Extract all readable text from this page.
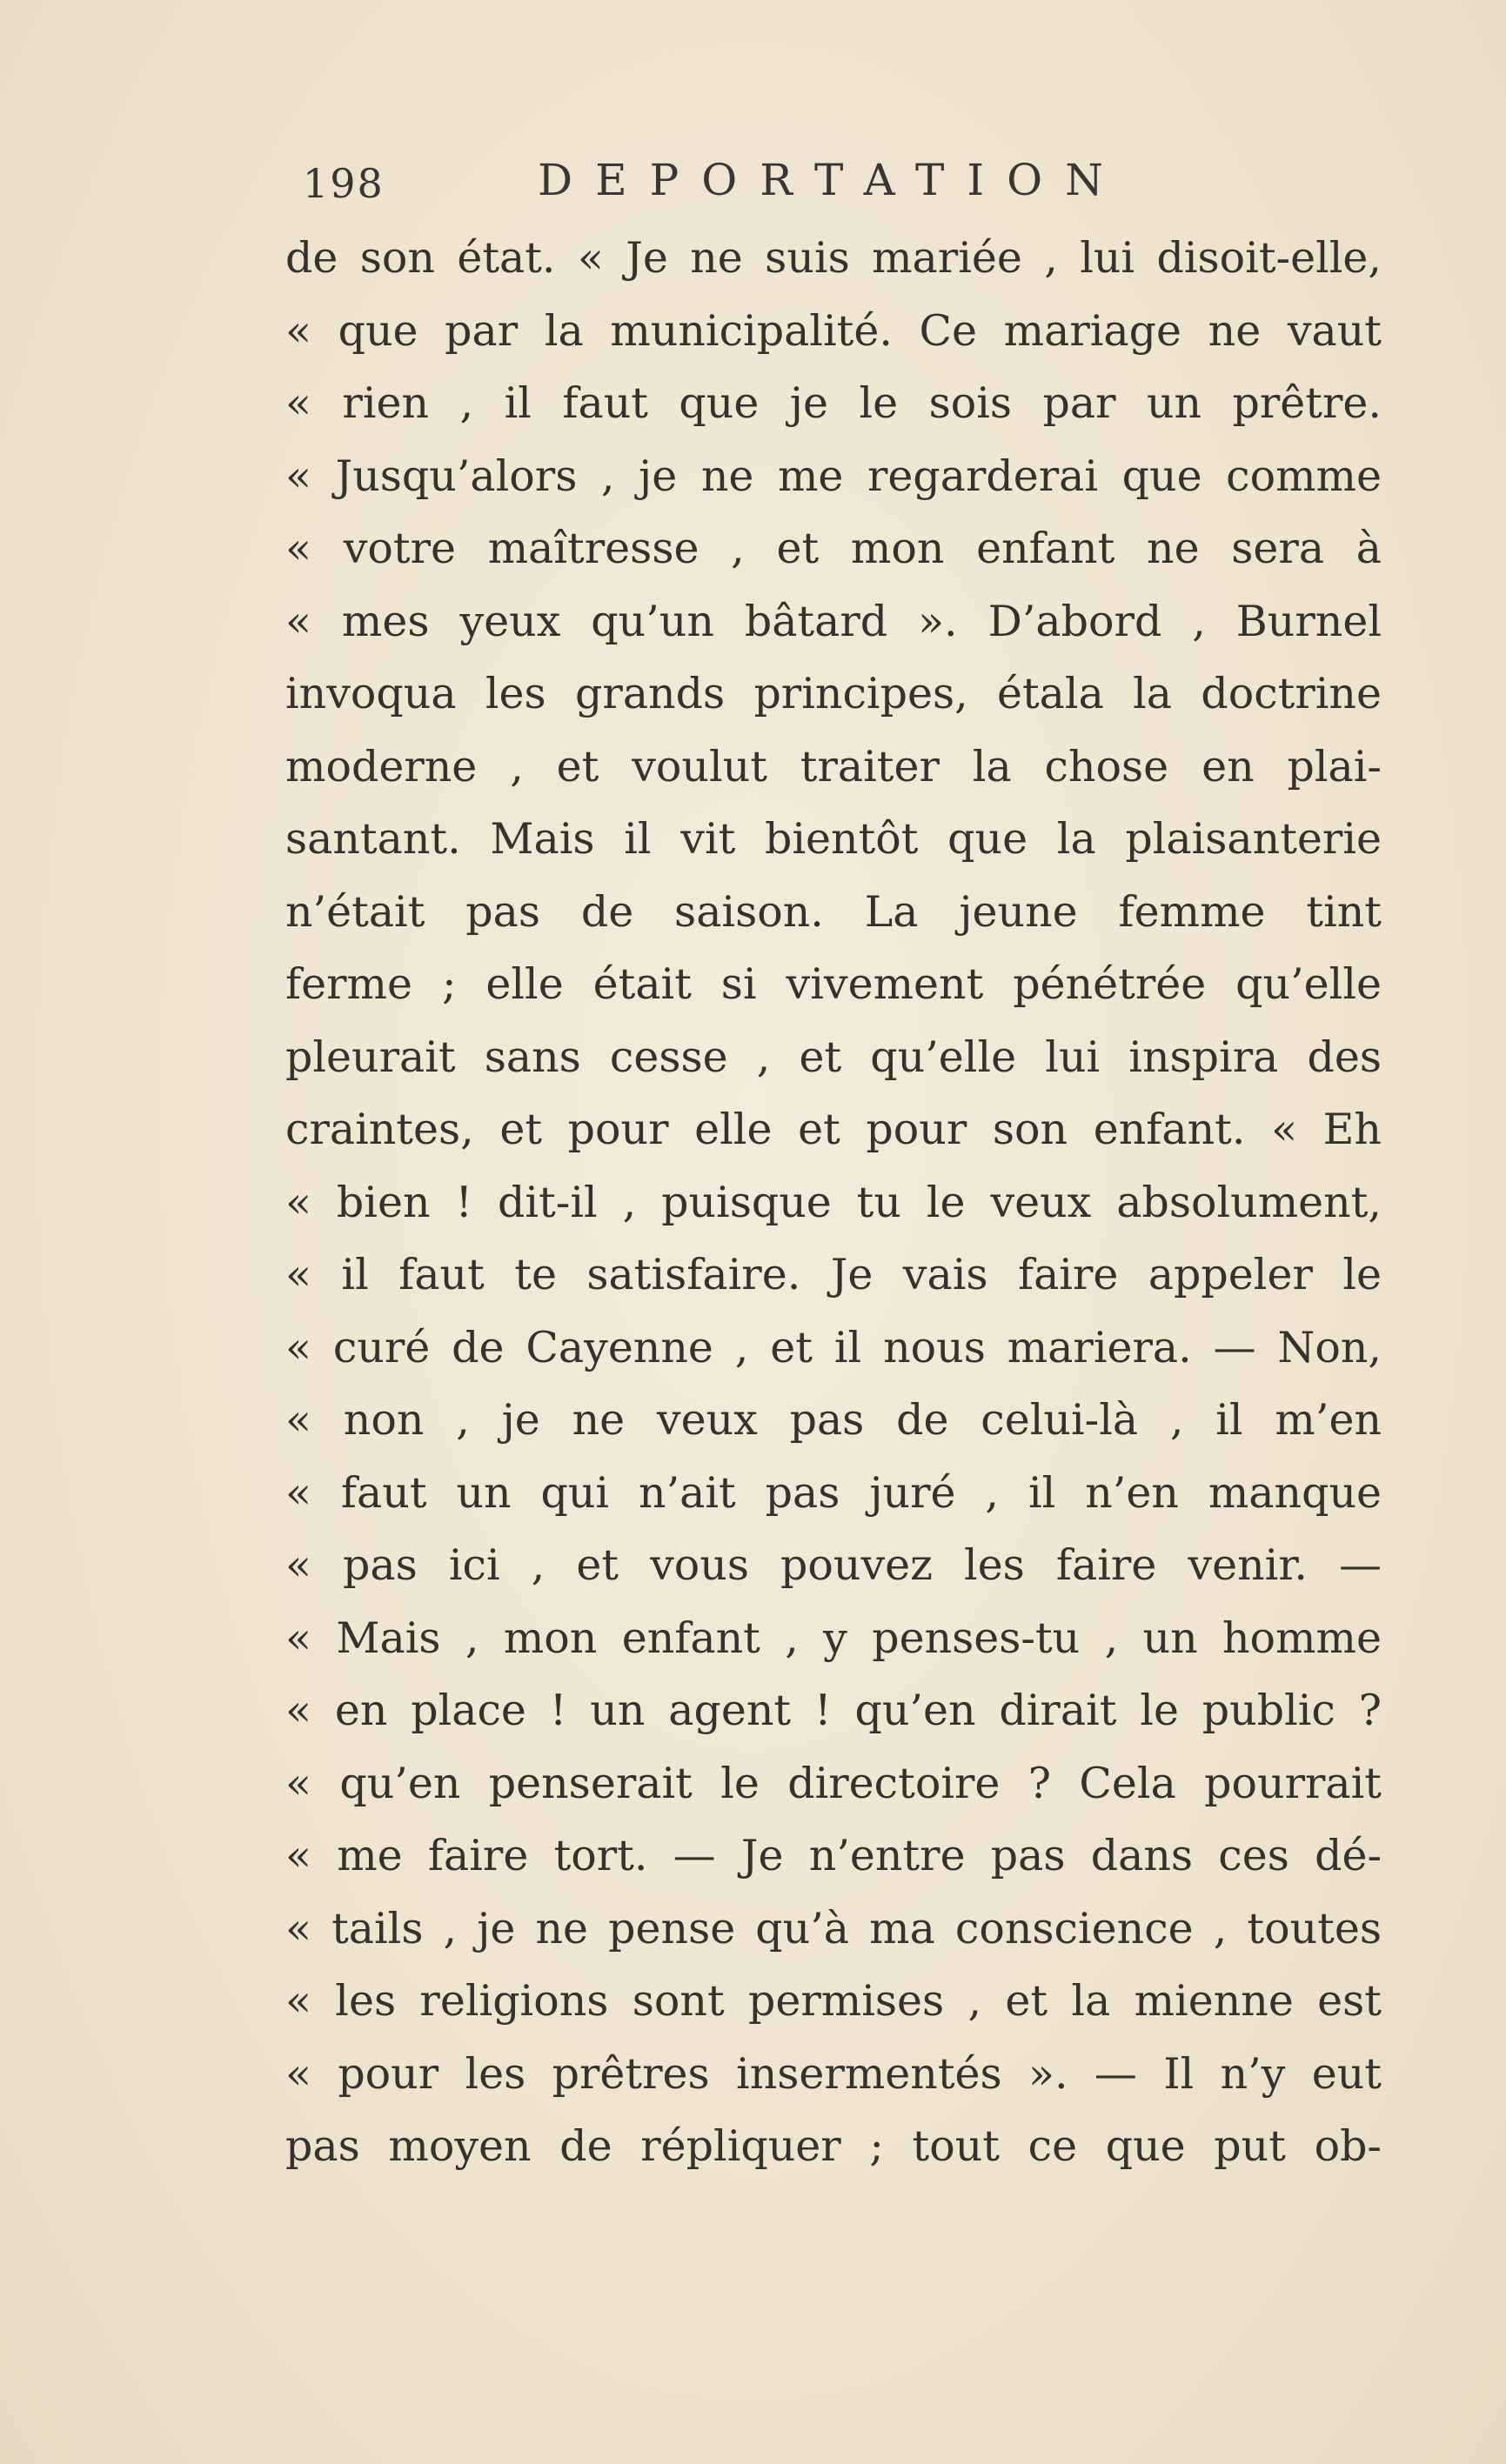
198	DEPORTATION
de son état. « Je ne suis mariée , lui disoit-elle,
« que par la municipalité. Ce mariage ne vaut
« rien , il faut que je le sois par un prêtre.
« Jusqu’alors , je ne me regarderai que comme
« votre maîtresse , et mon enfant ne sera à
« mes yeux qu’un bâtard ». D’abord , Burnel
invoqua les grands principes, étala la doctrine
moderne , et voulut traiter la chose en plai-
santant. Mais il vit bientôt que la plaisanterie
n’était pas de saison. La jeune femme tint
ferme ; elle était si vivement pénétrée qu’elle
pleurait sans cesse , et qu’elle lui inspira des
craintes, et pour elle et pour son enfant. « Eh
« bien ! dit-il , puisque tu le veux absolument,
« il faut te satisfaire. Je vais faire appeler le
« curé de Cayenne , et il nous mariera. — Non,
« non , je ne veux pas de celui-là , il m’en
« faut un qui n’ait pas juré , il n’en manque
« pas ici , et vous pouvez les faire venir. —
« Mais , mon enfant , y penses-tu , un homme
« en place ! un agent ! qu’en dirait le public ?
« qu’en penserait le directoire ? Cela pourrait
« me faire tort. — Je n’entre pas dans ces dé-
« tails , je ne pense qu’à ma conscience , toutes
« les religions sont permises , et la mienne est
« pour les prêtres insermentés ». — Il n’y eut
pas moyen de répliquer ; tout ce que put ob-
